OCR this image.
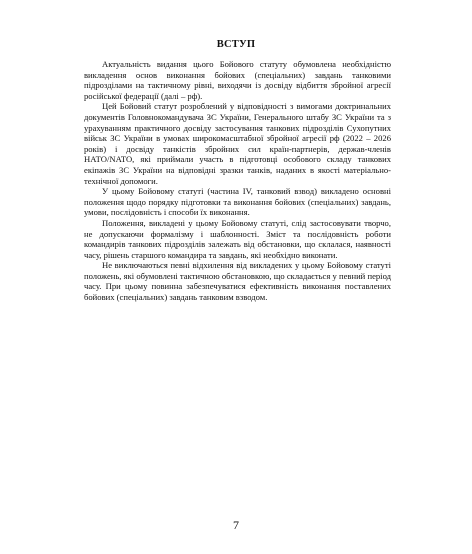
ВСТУП

Актуальність видання цього Бойового статуту обумовлена необхідністю викладення основ виконання бойових (спеціальних) завдань танковими підрозділами на тактичному рівні, виходячи із досвіду відбиття збройної агресії російської федерації (далі – рф).

Цей Бойовий статут розроблений у відповідності з вимогами доктринальних документів Головнокомандувача ЗС України, Генерального штабу ЗС України та з урахуванням практичного досвіду застосування танкових підрозділів Сухопутних військ ЗС України в умовах широкомасштабної збройної агресії рф (2022 – 2026 років) і досвіду танкістів збройних сил країн-партнерів, держав-членів НАТО/NATO, які приймали участь в підготовці особового складу танкових екіпажів ЗС України на відповідні зразки танків, наданих в якості матеріально-технічної допомоги.

У цьому Бойовому статуті (частина IV, танковий взвод) викладено основні положення щодо порядку підготовки та виконання бойових (спеціальних) завдань, умови, послідовність і способи їх виконання.

Положення, викладені у цьому Бойовому статуті, слід застосовувати творчо, не допускаючи формалізму і шаблонності. Зміст та послідовність роботи командирів танкових підрозділів залежать від обстановки, що склалася, наявності часу, рішень старшого командира та завдань, які необхідно виконати.

Не виключаються певні відхилення від викладених у цьому Бойовому статуті положень, які обумовлені тактичною обстановкою, що складається у певний період часу. При цьому повинна забезпечуватися ефективність виконання поставлених бойових (спеціальних) завдань танковим взводом.

7
